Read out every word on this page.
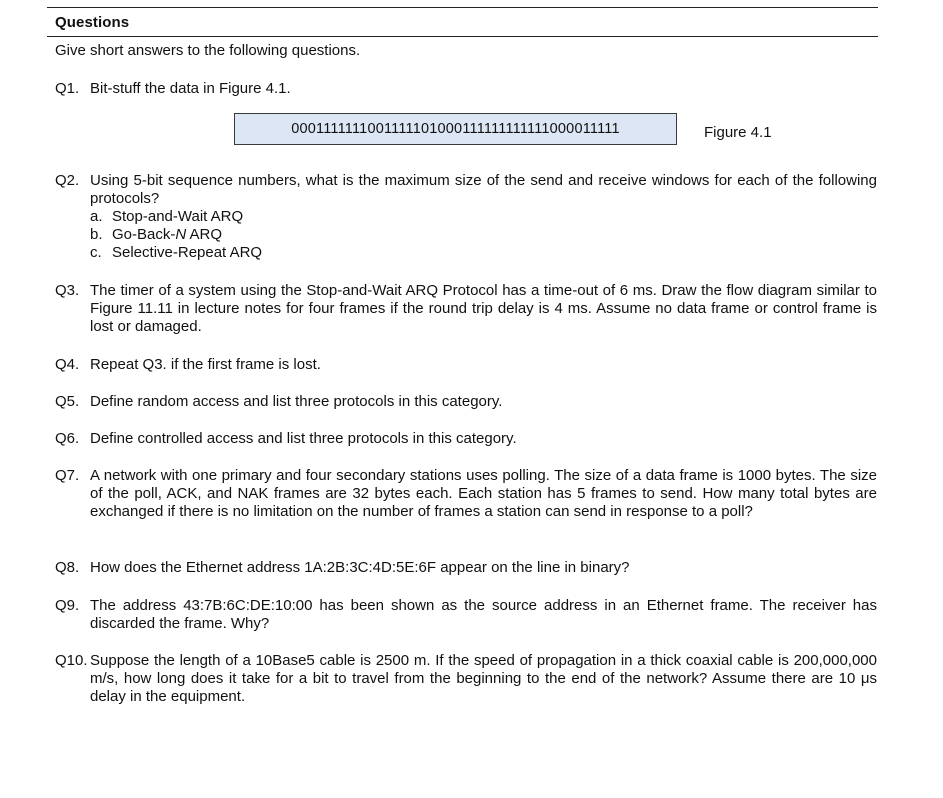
Questions
Give short answers to the following questions.
Q1. Bit-stuff the data in Figure 4.1.
0001111111001111101000111111111111000011111	Figure 4.1
Q2. Using 5-bit sequence numbers, what is the maximum size of the send and receive windows for each of the following protocols?
a. Stop-and-Wait ARQ
b. Go-Back-N ARQ
c. Selective-Repeat ARQ
Q3. The timer of a system using the Stop-and-Wait ARQ Protocol has a time-out of 6 ms. Draw the flow diagram similar to Figure 11.11 in lecture notes for four frames if the round trip delay is 4 ms. Assume no data frame or control frame is lost or damaged.
Q4. Repeat Q3. if the first frame is lost.
Q5. Define random access and list three protocols in this category.
Q6. Define controlled access and list three protocols in this category.
Q7. A network with one primary and four secondary stations uses polling. The size of a data frame is 1000 bytes. The size of the poll, ACK, and NAK frames are 32 bytes each. Each station has 5 frames to send. How many total bytes are exchanged if there is no limitation on the number of frames a station can send in response to a poll?
Q8. How does the Ethernet address 1A:2B:3C:4D:5E:6F appear on the line in binary?
Q9. The address 43:7B:6C:DE:10:00 has been shown as the source address in an Ethernet frame. The receiver has discarded the frame. Why?
Q10. Suppose the length of a 10Base5 cable is 2500 m. If the speed of propagation in a thick coaxial cable is 200,000,000 m/s, how long does it take for a bit to travel from the beginning to the end of the network? Assume there are 10 μs delay in the equipment.
